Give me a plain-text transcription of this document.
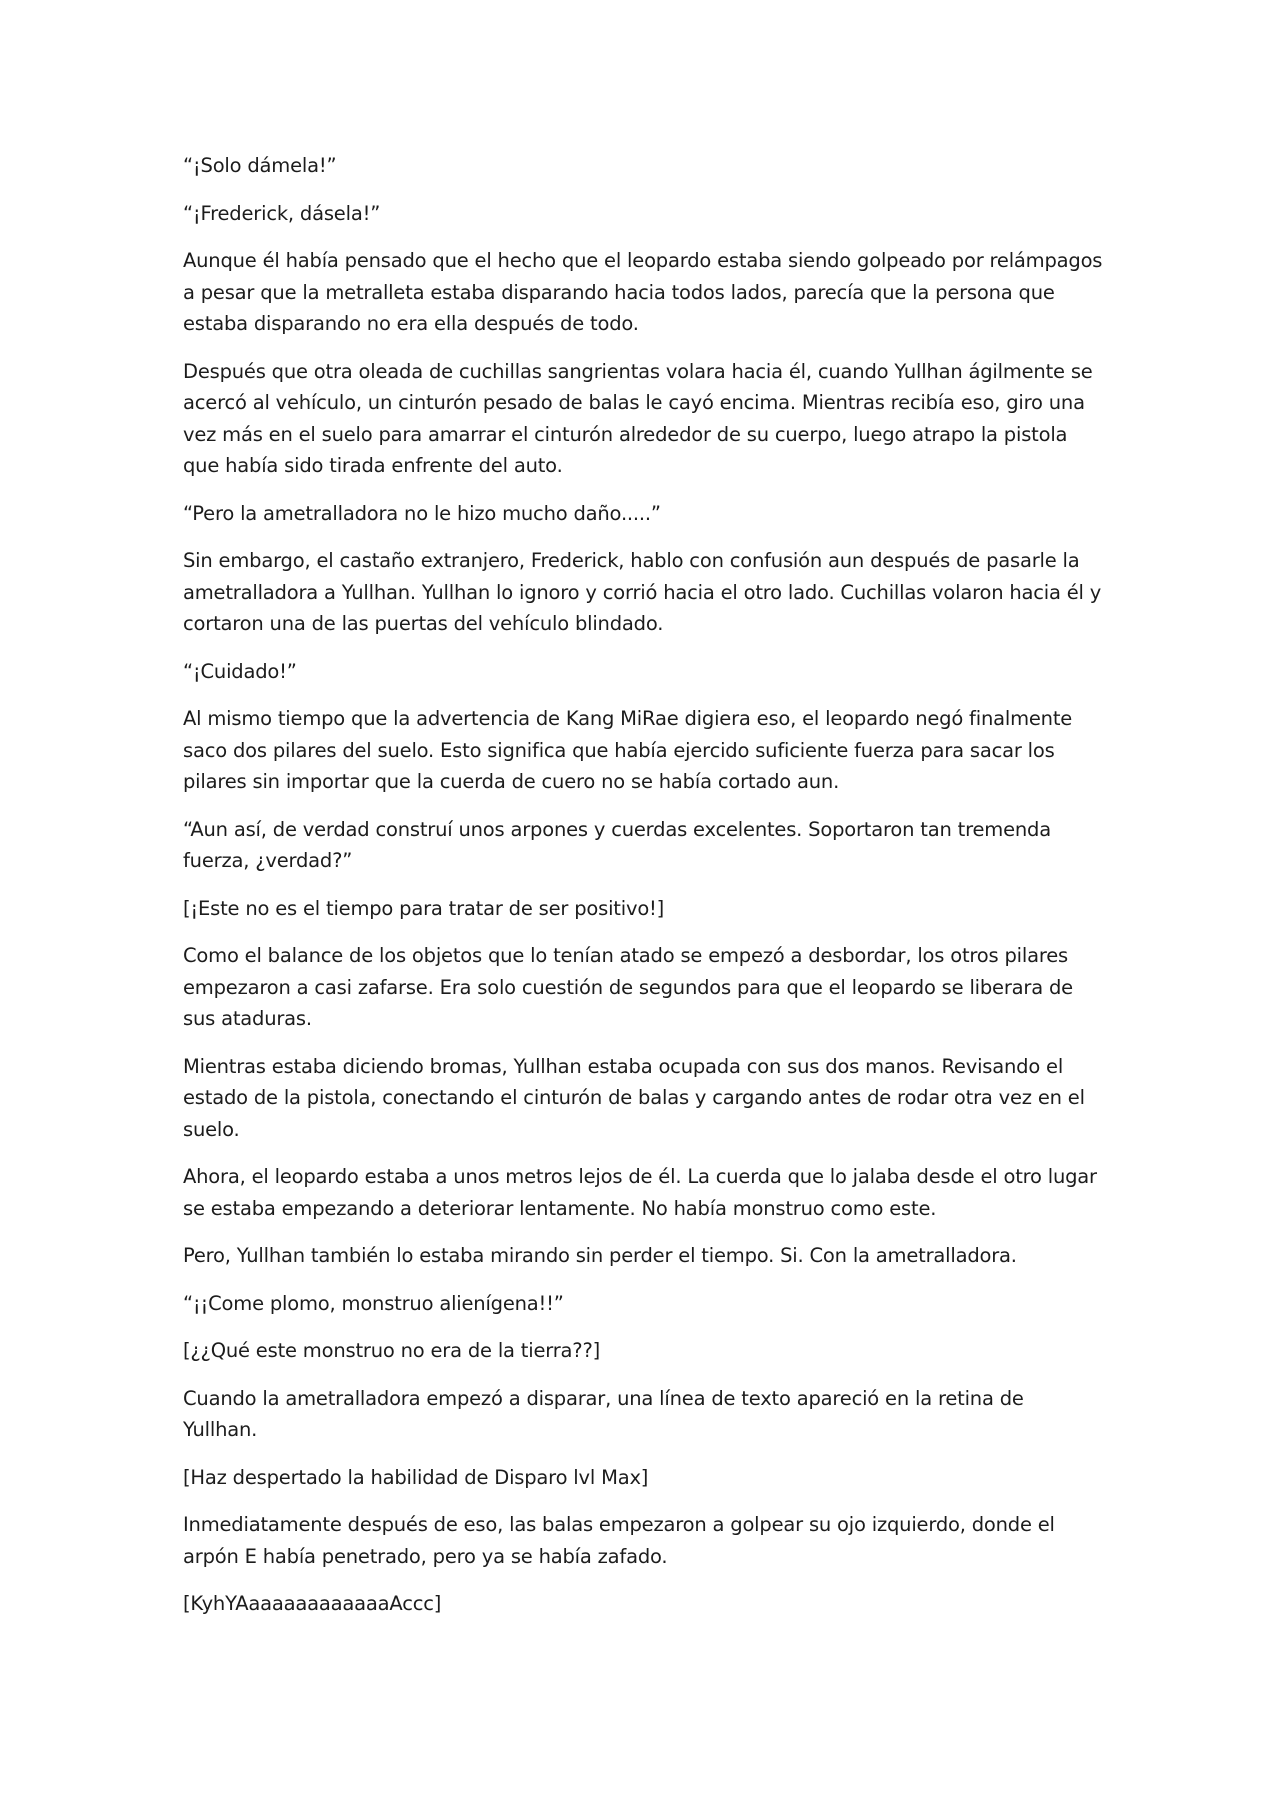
“¡Solo dámela!”

“¡Frederick, dásela!”

Aunque él había pensado que el hecho que el leopardo estaba siendo golpeado por relámpagos a pesar que la metralleta estaba disparando hacia todos lados, parecía que la persona que estaba disparando no era ella después de todo.

Después que otra oleada de cuchillas sangrientas volara hacia él, cuando Yullhan ágilmente se acercó al vehículo, un cinturón pesado de balas le cayó encima. Mientras recibía eso, giro una vez más en el suelo para amarrar el cinturón alrededor de su cuerpo, luego atrapo la pistola que había sido tirada enfrente del auto.

“Pero la ametralladora no le hizo mucho daño.....”

Sin embargo, el castaño extranjero, Frederick, hablo con confusión aun después de pasarle la ametralladora a Yullhan. Yullhan lo ignoro y corrió hacia el otro lado. Cuchillas volaron hacia él y cortaron una de las puertas del vehículo blindado.

“¡Cuidado!”

Al mismo tiempo que la advertencia de Kang MiRae digiera eso, el leopardo negó finalmente saco dos pilares del suelo. Esto significa que había ejercido suficiente fuerza para sacar los pilares sin importar que la cuerda de cuero no se había cortado aun.

“Aun así, de verdad construí unos arpones y cuerdas excelentes. Soportaron tan tremenda fuerza, ¿verdad?”

[¡Este no es el tiempo para tratar de ser positivo!]

Como el balance de los objetos que lo tenían atado se empezó a desbordar, los otros pilares empezaron a casi zafarse. Era solo cuestión de segundos para que el leopardo se liberara de sus ataduras.

Mientras estaba diciendo bromas, Yullhan estaba ocupada con sus dos manos. Revisando el estado de la pistola, conectando el cinturón de balas y cargando antes de rodar otra vez en el suelo.

Ahora, el leopardo estaba a unos metros lejos de él. La cuerda que lo jalaba desde el otro lugar se estaba empezando a deteriorar lentamente. No había monstruo como este.

Pero, Yullhan también lo estaba mirando sin perder el tiempo. Si. Con la ametralladora.

“¡¡Come plomo, monstruo alienígena!!”

[¿¿Qué este monstruo no era de la tierra??]

Cuando la ametralladora empezó a disparar, una línea de texto apareció en la retina de Yullhan.

[Haz despertado la habilidad de Disparo lvl Max]

Inmediatamente después de eso, las balas empezaron a golpear su ojo izquierdo, donde el arpón E había penetrado, pero ya se había zafado.

[KyhYAaaaaaaaaaaaaAccc]
